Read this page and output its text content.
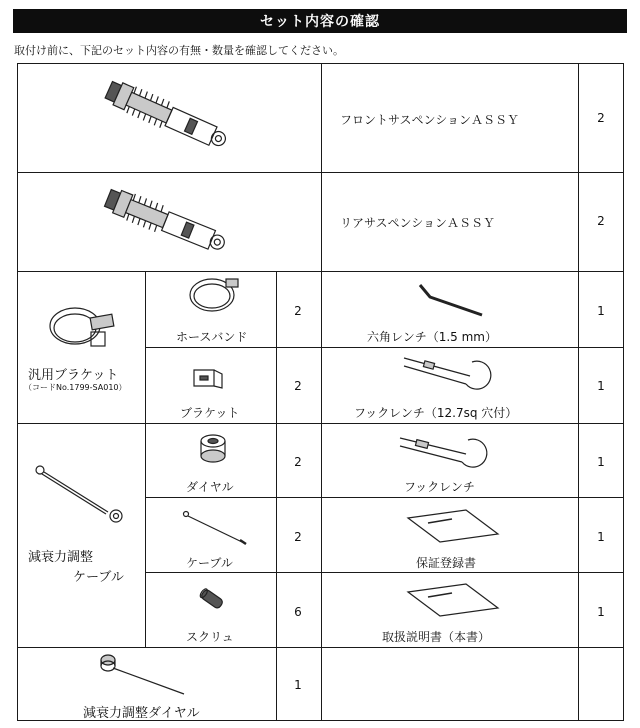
セット内容の確認
取付け前に、下記のセット内容の有無・数量を確認してください。
フロントサスペンションＡＳＳＹ	2
リアサスペンションＡＳＳＹ	2
汎用ブラケット
（コードNo.1799-SA010）
ホースバンド
2
六角レンチ（1.5 mm）
1
ブラケット
2
フックレンチ（12.7sq 穴付）
1
減衰力調整
ケーブル
ダイヤル
2
フックレンチ
1
ケーブル
2
保証登録書
1
スクリュ
6
取扱説明書（本書）
1
減衰力調整ダイヤル
1
